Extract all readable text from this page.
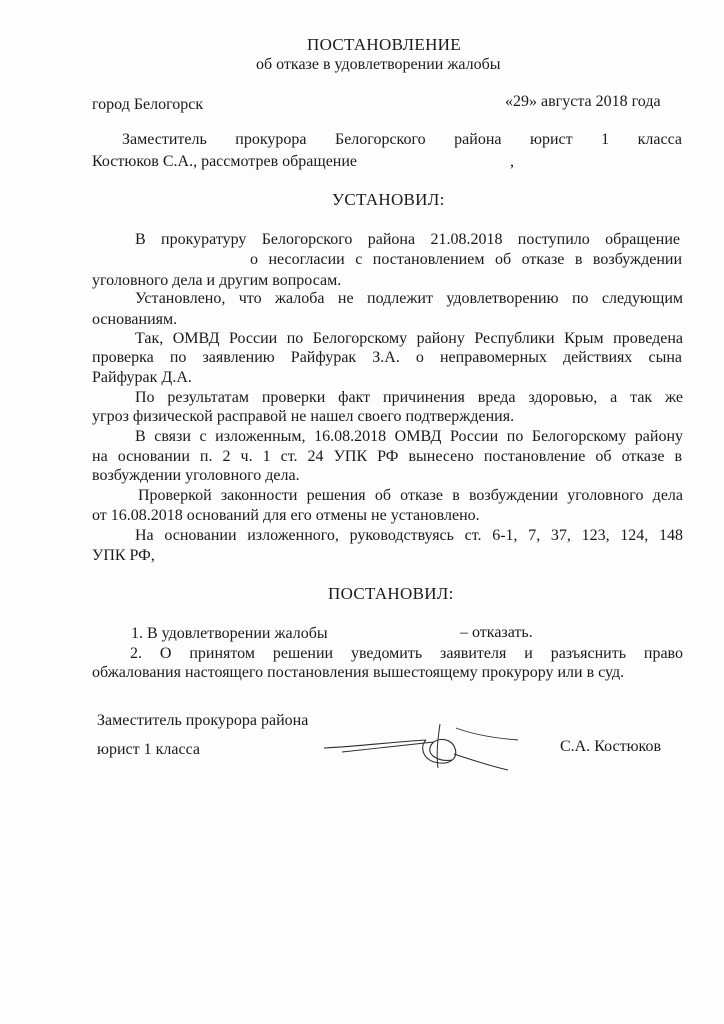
ПОСТАНОВЛЕНИЕ
об отказе в удовлетворении жалобы
город Белогорск	«29» августа 2018 года
Заместитель прокурора Белогорского района юрист 1 класса
Костюков С.А., рассмотрев обращение	,
УСТАНОВИЛ:
В прокуратуру Белогорского района 21.08.2018 поступило обращение
о несогласии с постановлением об отказе в возбуждении
уголовного дела и другим вопросам.
Установлено, что жалоба не подлежит удовлетворению по следующим
основаниям.
Так, ОМВД России по Белогорскому району Республики Крым проведена
проверка по заявлению Райфурак З.А. о неправомерных действиях сына
Райфурак Д.А.
По результатам проверки факт причинения вреда здоровью, а так же
угроз физической расправой не нашел своего подтверждения.
В связи с изложенным, 16.08.2018 ОМВД России по Белогорскому району
на основании п. 2 ч. 1 ст. 24 УПК РФ вынесено постановление об отказе в
возбуждении уголовного дела.
Проверкой законности решения об отказе в возбуждении уголовного дела
от 16.08.2018 оснований для его отмены не установлено.
На основании изложенного, руководствуясь ст. 6-1, 7, 37, 123, 124, 148
УПК РФ,
ПОСТАНОВИЛ:
1. В удовлетворении жалобы	– отказать.
2. О принятом решении уведомить заявителя и разъяснить право
обжалования настоящего постановления вышестоящему прокурору или в суд.
Заместитель прокурора района
юрист 1 класса	С.А. Костюков
